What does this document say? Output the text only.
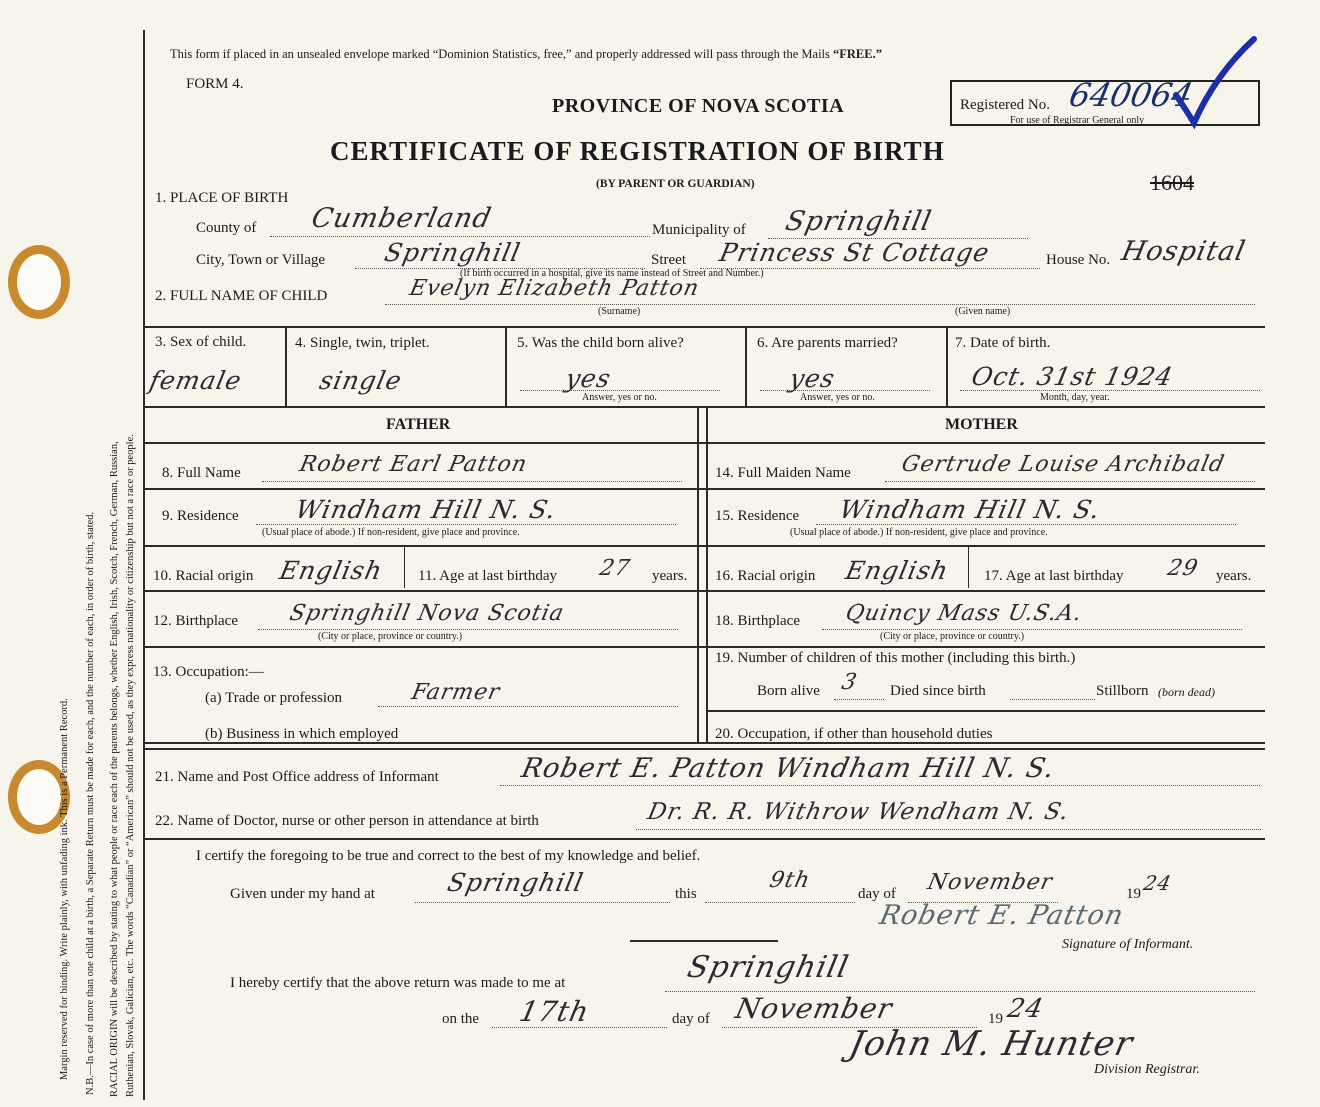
Margin reserved for binding. Write plainly, with unfading ink. This is a Permanent Record. N.B.—In case of more than one child at a birth, a Separate Return must be made for each, and the number of each, in order of birth, stated. RACIAL ORIGIN will be described by stating to what people or race each of the parents belongs, whether English, Irish, Scotch, French, German, Russian, Ruthenian, Slovak, Galician, etc. The words “Canadian” or “American” should not be used, as they express nationality or citizenship but not a race or people.
This form if placed in an unsealed envelope marked “Dominion Statistics, free,” and properly addressed will pass through the Mails “FREE.”
FORM 4.
PROVINCE OF NOVA SCOTIA
CERTIFICATE OF REGISTRATION OF BIRTH
(BY PARENT OR GUARDIAN)
Registered No. 640064
For use of Registrar General only
1604
1. PLACE OF BIRTH
County of Cumberland	Municipality of Springhill
City, Town or Village Springhill	Street Princess St Cottage	House No. Hospital
(If birth occurred in a hospital, give its name instead of Street and Number.)
2. FULL NAME OF CHILD	Evelyn Elizabeth Patton
(Surname)	(Given name)
3. Sex of child.
female
4. Single, twin, triplet.
single
5. Was the child born alive?
yes
Answer, yes or no.
6. Are parents married?
yes
Answer, yes or no.
7. Date of birth.
Oct. 31st 1924
Month, day, year.
FATHER	MOTHER
8. Full Name	Robert Earl Patton	14. Full Maiden Name Gertrude Louise Archibald
9. Residence Windham Hill N. S.
(Usual place of abode.) If non-resident, give place and province.
15. Residence Windham Hill N. S.
(Usual place of abode.) If non-resident, give place and province.
10. Racial origin English 11. Age at last birthday 27 years. 16. Racial origin English 17. Age at last birthday 29 years.
12. Birthplace Springhill Nova Scotia
(City or place, province or country.)
18. Birthplace Quincy Mass U.S.A.
(City or place, province or country.)
13. Occupation:—
(a) Trade or profession	Farmer
(b) Business in which employed
19. Number of children of this mother (including this birth.)
Born alive 3 Died since birth	Stillborn (born dead)
20. Occupation, if other than household duties
21. Name and Post Office address of Informant	Robert E. Patton Windham Hill N. S.
22. Name of Doctor, nurse or other person in attendance at birth	Dr. R. R. Withrow Wendham N. S.
I certify the foregoing to be true and correct to the best of my knowledge and belief.
Given under my hand at	Springhill	this
9th
day of November	19 24
Robert E. Patton
Signature of Informant.
I hereby certify that the above return was made to me at	Springhill
on the 17th	day of November	19 24
John M. Hunter
Division Registrar.
